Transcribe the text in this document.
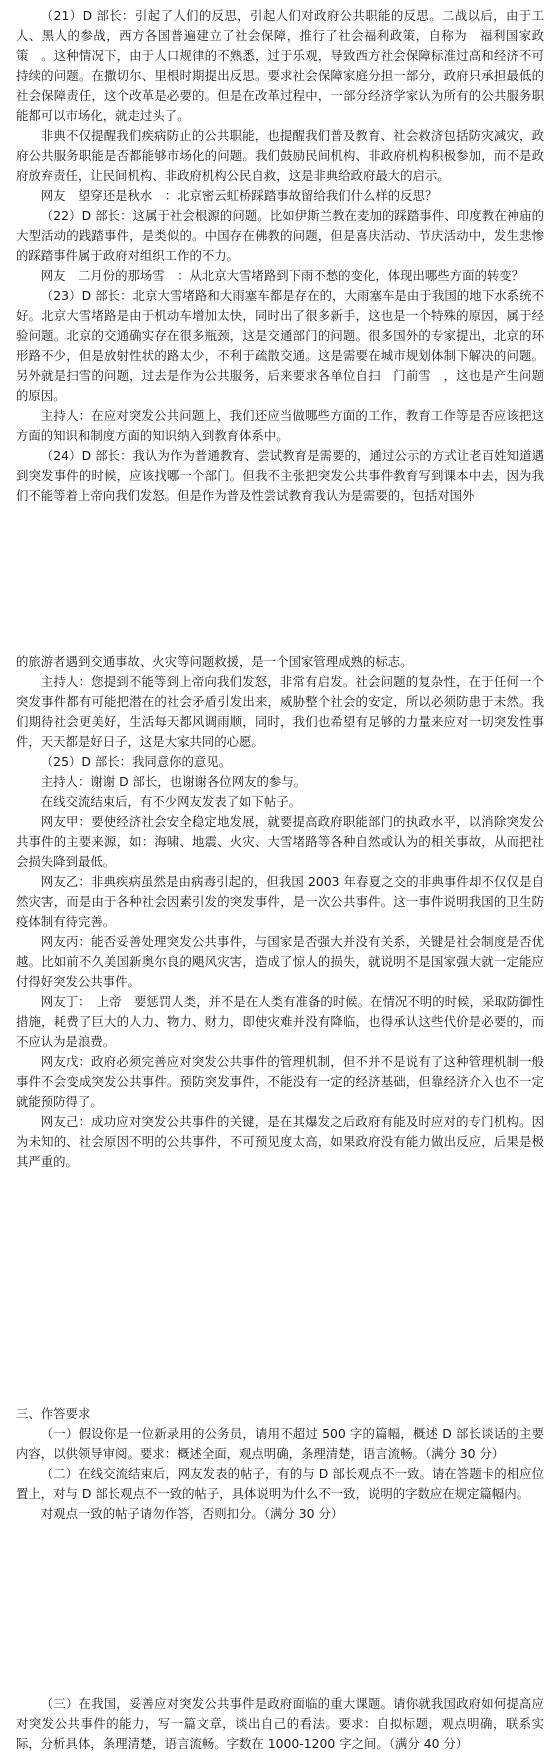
（21）D 部长：引起了人们的反思，引起人们对政府公共职能的反思。二战以后，由于工人、黑人的参战，西方各国普遍建立了社会保障，推行了社会福利政策，自称为　福利国家政策　。这种情况下，由于人口规律的不熟悉，过于乐观，导致西方社会保障标准过高和经济不可持续的问题。在撒切尔、里根时期提出反思。要求社会保障家庭分担一部分，政府只承担最低的社会保障责任，这个改革是必要的。但是在改革过程中，一部分经济学家认为所有的公共服务职能都可以市场化，就走过头了。

非典不仅提醒我们疾病防止的公共职能，也提醒我们普及教育、社会救济包括防灾减灾，政府公共服务职能是否都能够市场化的问题。我们鼓励民间机构、非政府机构积极参加，而不是政府放弃责任，让民间机构、非政府机构公民自救，这是非典给政府最大的启示。

网友　望穿还是秋水　：北京密云虹桥踩踏事故留给我们什么样的反思？

（22）D 部长：这属于社会根源的问题。比如伊斯兰教在麦加的踩踏事件、印度教在神庙的大型活动的践踏事件，是类似的。中国存在佛教的问题，但是喜庆活动、节庆活动中，发生悲惨的踩踏事件属于政府对组织工作的不力。

网友　二月份的那场雪　：从北京大雪堵路到下雨不愁的变化，体现出哪些方面的转变？

（23）D 部长：北京大雪堵路和大雨塞车都是存在的，大雨塞车是由于我国的地下水系统不好。北京大雪堵路是由于机动车增加太快，同时出了很多新手，这也是一个特殊的原因，属于经验问题。北京的交通确实存在很多瓶颈，这是交通部门的问题。很多国外的专家提出，北京的环形路不少，但是放射性状的路太少，不利于疏散交通。这是需要在城市规划体制下解决的问题。另外就是扫雪的问题，过去是作为公共服务，后来要求各单位自扫　门前雪　，这也是产生问题的原因。

主持人：在应对突发公共问题上，我们还应当做哪些方面的工作，教育工作等是否应该把这方面的知识和制度方面的知识纳入到教育体系中。

（24）D 部长：我认为作为普通教育、尝试教育是需要的，通过公示的方式让老百姓知道遇到突发事件的时候，应该找哪一个部门。但我不主张把突发公共事件教育写到课本中去，因为我们不能等着上帝向我们发怒。但是作为普及性尝试教育我认为是需要的，包括对国外

的旅游者遇到交通事故、火灾等问题救援，是一个国家管理成熟的标志。

主持人：您提到不能等到上帝向我们发怒，非常有启发。社会问题的复杂性，在于任何一个突发事件都有可能把潜在的社会矛盾引发出来，威胁整个社会的安定，所以必须防患于未然。我们期待社会更美好，生活每天都风调雨顺，同时，我们也希望有足够的力量来应对一切突发性事件，天天都是好日子，这是大家共同的心愿。

（25）D 部长：我同意你的意见。

主持人：谢谢 D 部长，也谢谢各位网友的参与。

在线交流结束后，有不少网友发表了如下帖子。

网友甲：要使经济社会安全稳定地发展，就要提高政府职能部门的执政水平，以消除突发公共事件的主要来源，如：海啸、地震、火灾、大雪堵路等各种自然或认为的相关事故，从而把社会损失降到最低。

网友乙：非典疾病虽然是由病毒引起的，但我国 2003 年春夏之交的非典事件却不仅仅是自然灾害，而是由于各种社会因素引发的突发事件，是一次公共事件。这一事件说明我国的卫生防疫体制有待完善。

网友丙：能否妥善处理突发公共事件，与国家是否强大并没有关系，关键是社会制度是否优越。比如前不久美国新奥尔良的飓风灾害，造成了惊人的损失，就说明不是国家强大就一定能应付得好突发公共事件。

网友丁：　上帝　要惩罚人类，并不是在人类有准备的时候。在情况不明的时候，采取防御性措施，耗费了巨大的人力、物力、财力，即使灾难并没有降临，也得承认这些代价是必要的，而不应认为是浪费。

网友戊：政府必须完善应对突发公共事件的管理机制，但不并不是说有了这种管理机制一般事件不会变成突发公共事件。预防突发事件，不能没有一定的经济基础，但靠经济介入也不一定就能预防得了。

网友己：成功应对突发公共事件的关键，是在其爆发之后政府有能及时应对的专门机构。因为未知的、社会原因不明的公共事件，不可预见度太高，如果政府没有能力做出反应，后果是极其严重的。

三、作答要求

（一）假设你是一位新录用的公务员，请用不超过 500 字的篇幅，概述 D 部长谈话的主要内容，以供领导审阅。要求：概述全面，观点明确，条理清楚，语言流畅。（满分 30 分）

（二）在线交流结束后，网友发表的帖子，有的与 D 部长观点不一致。请在答题卡的相应位置上，对与 D 部长观点不一致的帖子，具体说明为什么不一致，说明的字数应在规定篇幅内。

对观点一致的帖子请勿作答，否则扣分。（满分 30 分）

（三）在我国，妥善应对突发公共事件是政府面临的重大课题。请你就我国政府如何提高应对突发公共事件的能力，写一篇文章，谈出自己的看法。要求：自拟标题，观点明确，联系实际，分析具体，条理清楚，语言流畅。字数在 1000-1200 字之间。（满分 40 分）
